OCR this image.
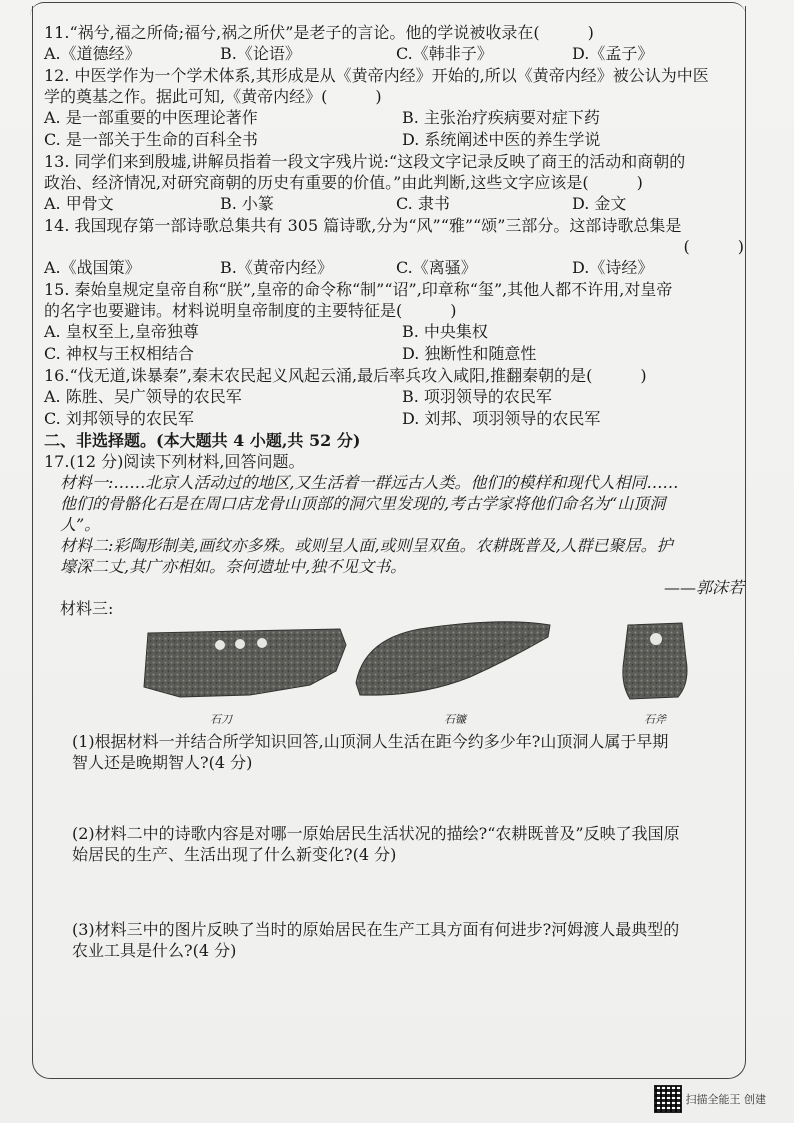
11.“祸兮,福之所倚;福兮,祸之所伏”是老子的言论。他的学说被收录在(　　　)
A.《道德经》	B.《论语》	C.《韩非子》	D.《孟子》
12. 中医学作为一个学术体系,其形成是从《黄帝内经》开始的,所以《黄帝内经》被公认为中医
学的奠基之作。据此可知,《黄帝内经》(　　　)
A. 是一部重要的中医理论著作	B. 主张治疗疾病要对症下药
C. 是一部关于生命的百科全书	D. 系统阐述中医的养生学说
13. 同学们来到殷墟,讲解员指着一段文字残片说:“这段文字记录反映了商王的活动和商朝的
政治、经济情况,对研究商朝的历史有重要的价值。”由此判断,这些文字应该是(　　　)
A. 甲骨文	B. 小篆	C. 隶书	D. 金文
14. 我国现存第一部诗歌总集共有 305 篇诗歌,分为“风”“雅”“颂”三部分。这部诗歌总集是
(　　　)
A.《战国策》	B.《黄帝内经》	C.《离骚》	D.《诗经》
15. 秦始皇规定皇帝自称“朕”,皇帝的命令称“制”“诏”,印章称“玺”,其他人都不许用,对皇帝
的名字也要避讳。材料说明皇帝制度的主要特征是(　　　)
A. 皇权至上,皇帝独尊	B. 中央集权
C. 神权与王权相结合	D. 独断性和随意性
16.“伐无道,诛暴秦”,秦末农民起义风起云涌,最后率兵攻入咸阳,推翻秦朝的是(　　　)
A. 陈胜、吴广领导的农民军	B. 项羽领导的农民军
C. 刘邦领导的农民军	D. 刘邦、项羽领导的农民军
二、非选择题。(本大题共 4 小题,共 52 分)
17.(12 分)阅读下列材料,回答问题。
材料一:……北京人活动过的地区,又生活着一群远古人类。他们的模样和现代人相同……
他们的骨骼化石是在周口店龙骨山顶部的洞穴里发现的,考古学家将他们命名为“山顶洞
人”。
材料二:彩陶形制美,画纹亦多殊。或则呈人面,或则呈双鱼。农耕既普及,人群已聚居。护
壕深二丈,其广亦相如。奈何遗址中,独不见文书。
——郭沫若
材料三:
石刀	石镰	石斧
(1)根据材料一并结合所学知识回答,山顶洞人生活在距今约多少年?山顶洞人属于早期
智人还是晚期智人?(4 分)
(2)材料二中的诗歌内容是对哪一原始居民生活状况的描绘?“农耕既普及”反映了我国原
始居民的生产、生活出现了什么新变化?(4 分)
(3)材料三中的图片反映了当时的原始居民在生产工具方面有何进步?河姆渡人最典型的
农业工具是什么?(4 分)
扫描全能王 创建
